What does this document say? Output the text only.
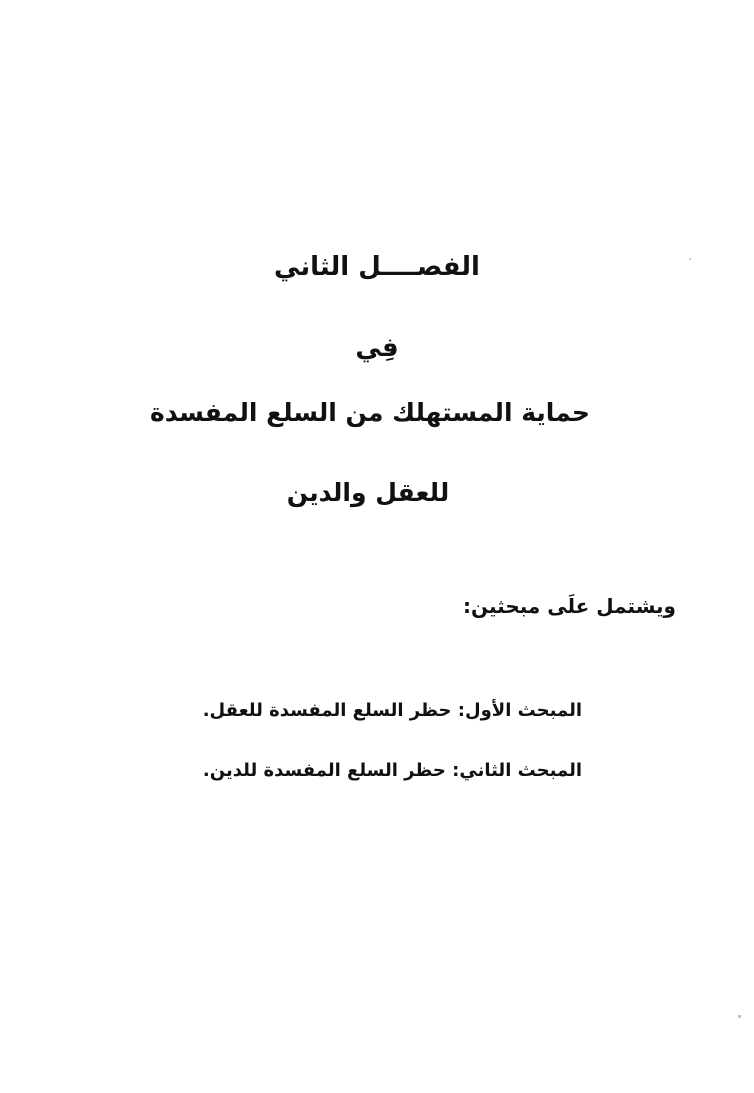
الفصــــل الثاني
فِي
حماية المستهلك من السلع المفسدة
للعقل والدين
ويشتمل علَى مبحثين:
المبحث الأول: حظر السلع المفسدة للعقل.
المبحث الثاني: حظر السلع المفسدة للدين.
